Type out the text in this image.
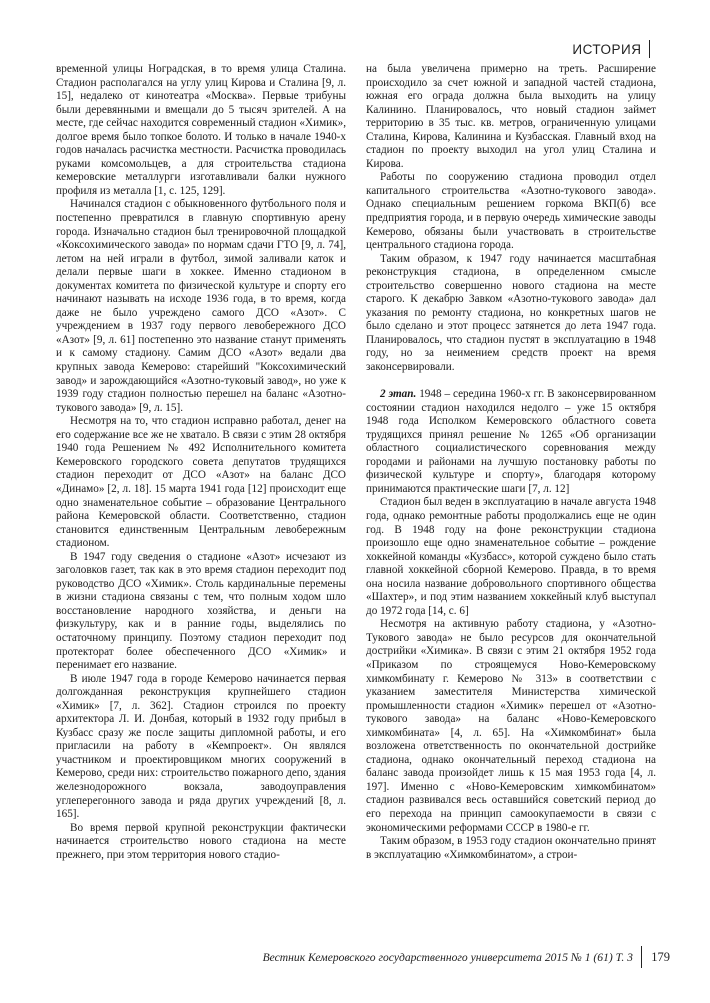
ИСТОРИЯ

временной улицы Ноградская, в то время улица Сталина. Стадион располагался на углу улиц Кирова и Сталина [9, л. 15], недалеко от кинотеатра «Москва». Первые трибуны были деревянными и вмещали до 5 тысяч зрителей. А на месте, где сейчас находится современный стадион «Химик», долгое время было топкое болото. И только в начале 1940-х годов началась расчистка местности. Расчистка проводилась руками комсомольцев, а для строительства стадиона кемеровские металлурги изготавливали балки нужного профиля из металла [1, с. 125, 129].

Начинался стадион с обыкновенного футбольного поля и постепенно превратился в главную спортивную арену города. Изначально стадион был тренировочной площадкой «Коксохимического завода» по нормам сдачи ГТО [9, л. 74], летом на ней играли в футбол, зимой заливали каток и делали первые шаги в хоккее. Именно стадионом в документах комитета по физической культуре и спорту его начинают называть на исходе 1936 года, в то время, когда даже не было учреждено самого ДСО «Азот». С учреждением в 1937 году первого левобережного ДСО «Азот» [9, л. 61] постепенно это название станут применять и к самому стадиону. Самим ДСО «Азот» ведали два крупных завода Кемерово: старейший "Коксохимический завод» и зарождающийся «Азотно-туковый завод», но уже к 1939 году стадион полностью перешел на баланс «Азотно-тукового завода» [9, л. 15].

Несмотря на то, что стадион исправно работал, денег на его содержание все же не хватало. В связи с этим 28 октября 1940 года Решением № 492 Исполнительного комитета Кемеровского городского совета депутатов трудящихся стадион переходит от ДСО «Азот» на баланс ДСО «Динамо» [2, л. 18]. 15 марта 1941 года [12] происходит еще одно знаменательное событие – образование Центрального района Кемеровской области. Соответственно, стадион становится единственным Центральным левобережным стадионом.

В 1947 году сведения о стадионе «Азот» исчезают из заголовков газет, так как в это время стадион переходит под руководство ДСО «Химик». Столь кардинальные перемены в жизни стадиона связаны с тем, что полным ходом шло восстановление народного хозяйства, и деньги на физкультуру, как и в ранние годы, выделялись по остаточному принципу. Поэтому стадион переходит под протекторат более обеспеченного ДСО «Химик» и перенимает его название.

В июле 1947 года в городе Кемерово начинается первая долгожданная реконструкция крупнейшего стадион «Химик» [7, л. 362]. Стадион строился по проекту архитектора Л. И. Донбая, который в 1932 году прибыл в Кузбасс сразу же после защиты дипломной работы, и его пригласили на работу в «Кемпроект». Он являлся участником и проектировщиком многих сооружений в Кемерово, среди них: строительство пожарного депо, здания железнодорожного вокзала, заводоуправления углеперегонного завода и ряда других учреждений [8, л. 165].

Во время первой крупной реконструкции фактически начинается строительство нового стадиона на месте прежнего, при этом территория нового стадио-

на была увеличена примерно на треть. Расширение происходило за счет южной и западной частей стадиона, южная его ограда должна была выходить на улицу Калинино. Планировалось, что новый стадион займет территорию в 35 тыс. кв. метров, ограниченную улицами Сталина, Кирова, Калинина и Кузбасская. Главный вход на стадион по проекту выходил на угол улиц Сталина и Кирова.

Работы по сооружению стадиона проводил отдел капитального строительства «Азотно-тукового завода». Однако специальным решением горкома ВКП(б) все предприятия города, и в первую очередь химические заводы Кемерово, обязаны были участвовать в строительстве центрального стадиона города.

Таким образом, к 1947 году начинается масштабная реконструкция стадиона, в определенном смысле строительство совершенно нового стадиона на месте старого. К декабрю Завком «Азотно-тукового завода» дал указания по ремонту стадиона, но конкретных шагов не было сделано и этот процесс затянется до лета 1947 года. Планировалось, что стадион пустят в эксплуатацию в 1948 году, но за неимением средств проект на время законсервировали.

2 этап. 1948 – середина 1960-х гг. В законсервированном состоянии стадион находился недолго – уже 15 октября 1948 года Исполком Кемеровского областного совета трудящихся принял решение № 1265 «Об организации областного социалистического соревнования между городами и районами на лучшую постановку работы по физической культуре и спорту», благодаря которому принимаются практические шаги [7, л. 12]

Стадион был веден в эксплуатацию в начале августа 1948 года, однако ремонтные работы продолжались еще не один год. В 1948 году на фоне реконструкции стадиона произошло еще одно знаменательное событие – рождение хоккейной команды «Кузбасс», которой суждено было стать главной хоккейной сборной Кемерово. Правда, в то время она носила название добровольного спортивного общества «Шахтер», и под этим названием хоккейный клуб выступал до 1972 года [14, с. 6]

Несмотря на активную работу стадиона, у «Азотно-Тукового завода» не было ресурсов для окончательной дострийки «Химика». В связи с этим 21 октября 1952 года «Приказом по строящемуся Ново-Кемеровскому химкомбинату г. Кемерово № 313» в соответствии с указанием заместителя Министерства химической промышленности стадион «Химик» перешел от «Азотно-тукового завода» на баланс «Ново-Кемеровского химкомбината» [4, л. 65]. На «Химкомбинат» была возложена ответственность по окончательной дострийке стадиона, однако окончательный переход стадиона на баланс завода произойдет лишь к 15 мая 1953 года [4, л. 197]. Именно с «Ново-Кемеровским химкомбинатом» стадион развивался весь оставшийся советский период до его перехода на принцип самоокупаемости в связи с экономическими реформами СССР в 1980-е гг.

Таким образом, в 1953 году стадион окончательно принят в эксплуатацию «Химкомбинатом», а строи-

Вестник Кемеровского государственного университета 2015 № 1 (61) Т. 3 179
